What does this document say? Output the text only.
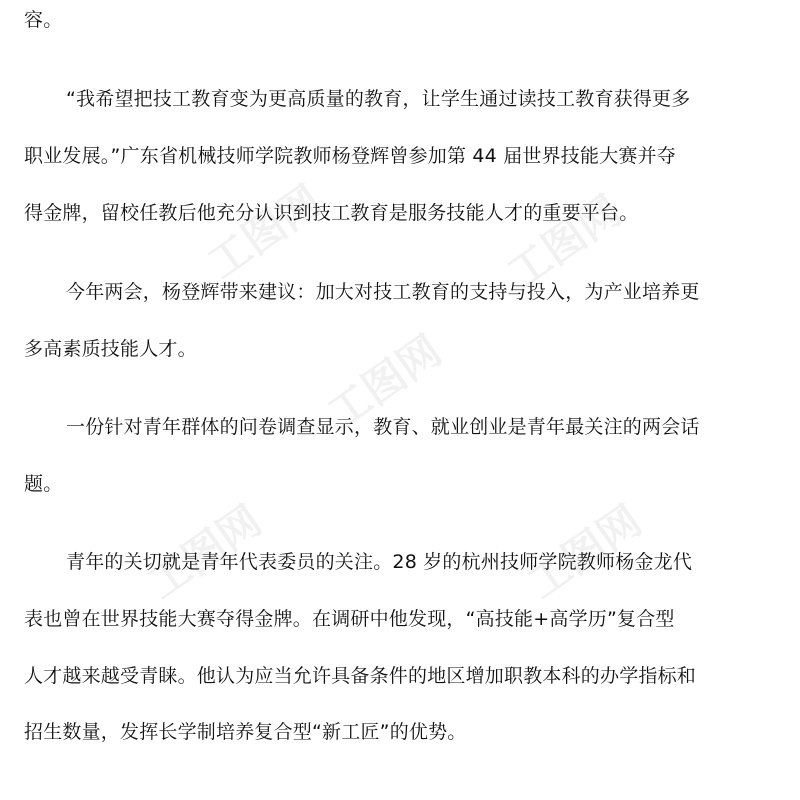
工图网	工图网
工图网
工图网	工图网
容。
“我希望把技工教育变为更高质量的教育，让学生通过读技工教育获得更多
职业发展。”广东省机械技师学院教师杨登辉曾参加第 44 届世界技能大赛并夺
得金牌，留校任教后他充分认识到技工教育是服务技能人才的重要平台。
今年两会，杨登辉带来建议：加大对技工教育的支持与投入，为产业培养更
多高素质技能人才。
一份针对青年群体的问卷调查显示，教育、就业创业是青年最关注的两会话
题。
青年的关切就是青年代表委员的关注。28 岁的杭州技师学院教师杨金龙代
表也曾在世界技能大赛夺得金牌。在调研中他发现，“高技能+高学历”复合型
人才越来越受青睐。他认为应当允许具备条件的地区增加职教本科的办学指标和
招生数量，发挥长学制培养复合型“新工匠”的优势。
